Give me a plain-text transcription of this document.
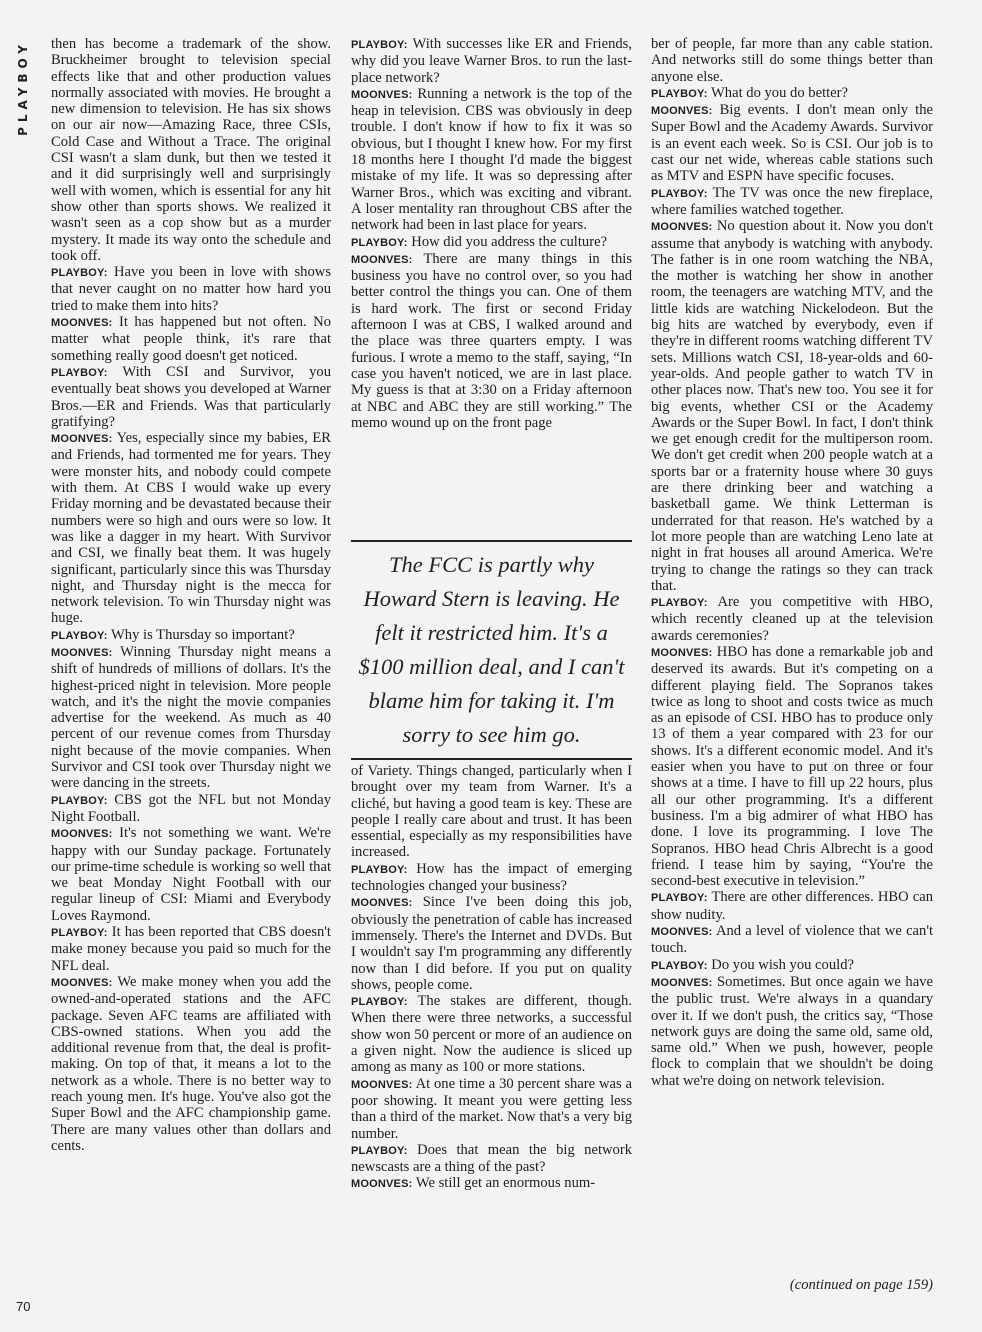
PLAYBOY	then has become a trademark of the show. Bruckheimer brought to television special effects like that and other production values normally associated with movies. He brought a new dimension to television. He has six shows on our air now—Amazing Race, three CSIs, Cold Case and Without a Trace. The original CSI wasn't a slam dunk, but then we tested it and it did surprisingly well and surprisingly well with women, which is essential for any hit show other than sports shows. We realized it wasn't seen as a cop show but as a murder mystery. It made its way onto the schedule and took off.

PLAYBOY: Have you been in love with shows that never caught on no matter how hard you tried to make them into hits?

MOONVES: It has happened but not often. No matter what people think, it's rare that something really good doesn't get noticed.

PLAYBOY: With CSI and Survivor, you eventually beat shows you developed at Warner Bros.—ER and Friends. Was that particularly gratifying?

MOONVES: Yes, especially since my babies, ER and Friends, had tormented me for years. They were monster hits, and nobody could compete with them. At CBS I would wake up every Friday morning and be devastated because their numbers were so high and ours were so low. It was like a dagger in my heart. With Survivor and CSI, we finally beat them. It was hugely significant, particularly since this was Thursday night, and Thursday night is the mecca for network television. To win Thursday night was huge.

PLAYBOY: Why is Thursday so important?

MOONVES: Winning Thursday night means a shift of hundreds of millions of dollars. It's the highest-priced night in television. More people watch, and it's the night the movie companies advertise for the weekend. As much as 40 percent of our revenue comes from Thursday night because of the movie companies. When Survivor and CSI took over Thursday night we were dancing in the streets.

PLAYBOY: CBS got the NFL but not Monday Night Football.

MOONVES: It's not something we want. We're happy with our Sunday package. Fortunately our prime-time schedule is working so well that we beat Monday Night Football with our regular lineup of CSI: Miami and Everybody Loves Raymond.

PLAYBOY: It has been reported that CBS doesn't make money because you paid so much for the NFL deal.

MOONVES: We make money when you add the owned-and-operated stations and the AFC package. Seven AFC teams are affiliated with CBS-owned stations. When you add the additional revenue from that, the deal is profit-making. On top of that, it means a lot to the network as a whole. There is no better way to reach young men. It's huge. You've also got the Super Bowl and the AFC championship game. There are many values other than dollars and cents.

PLAYBOY: With successes like ER and Friends, why did you leave Warner Bros. to run the last-place network?

MOONVES: Running a network is the top of the heap in television. CBS was obviously in deep trouble. I don't know if how to fix it was so obvious, but I thought I knew how. For my first 18 months here I thought I'd made the biggest mistake of my life. It was so depressing after Warner Bros., which was exciting and vibrant. A loser mentality ran throughout CBS after the network had been in last place for years.

PLAYBOY: How did you address the culture?

MOONVES: There are many things in this business you have no control over, so you had better control the things you can. One of them is hard work. The first or second Friday afternoon I was at CBS, I walked around and the place was three quarters empty. I was furious. I wrote a memo to the staff, saying, “In case you haven't noticed, we are in last place. My guess is that at 3:30 on a Friday afternoon at NBC and ABC they are still working.” The memo wound up on the front page

The FCC is partly why Howard Stern is leaving. He felt it restricted him. It's a $100 million deal, and I can't blame him for taking it. I'm sorry to see him go.

of Variety. Things changed, particularly when I brought over my team from Warner. It's a cliché, but having a good team is key. These are people I really care about and trust. It has been essential, especially as my responsibilities have increased.

PLAYBOY: How has the impact of emerging technologies changed your business?

MOONVES: Since I've been doing this job, obviously the penetration of cable has increased immensely. There's the Internet and DVDs. But I wouldn't say I'm programming any differently now than I did before. If you put on quality shows, people come.

PLAYBOY: The stakes are different, though. When there were three networks, a successful show won 50 percent or more of an audience on a given night. Now the audience is sliced up among as many as 100 or more stations.

MOONVES: At one time a 30 percent share was a poor showing. It meant you were getting less than a third of the market. Now that's a very big number.

PLAYBOY: Does that mean the big network newscasts are a thing of the past?

MOONVES: We still get an enormous num-

ber of people, far more than any cable station. And networks still do some things better than anyone else.

PLAYBOY: What do you do better?

MOONVES: Big events. I don't mean only the Super Bowl and the Academy Awards. Survivor is an event each week. So is CSI. Our job is to cast our net wide, whereas cable stations such as MTV and ESPN have specific focuses.

PLAYBOY: The TV was once the new fireplace, where families watched together.

MOONVES: No question about it. Now you don't assume that anybody is watching with anybody. The father is in one room watching the NBA, the mother is watching her show in another room, the teenagers are watching MTV, and the little kids are watching Nickelodeon. But the big hits are watched by everybody, even if they're in different rooms watching different TV sets. Millions watch CSI, 18-year-olds and 60-year-olds. And people gather to watch TV in other places now. That's new too. You see it for big events, whether CSI or the Academy Awards or the Super Bowl. In fact, I don't think we get enough credit for the multiperson room. We don't get credit when 200 people watch at a sports bar or a fraternity house where 30 guys are there drinking beer and watching a basketball game. We think Letterman is underrated for that reason. He's watched by a lot more people than are watching Leno late at night in frat houses all around America. We're trying to change the ratings so they can track that.

PLAYBOY: Are you competitive with HBO, which recently cleaned up at the television awards ceremonies?

MOONVES: HBO has done a remarkable job and deserved its awards. But it's competing on a different playing field. The Sopranos takes twice as long to shoot and costs twice as much as an episode of CSI. HBO has to produce only 13 of them a year compared with 23 for our shows. It's a different economic model. And it's easier when you have to put on three or four shows at a time. I have to fill up 22 hours, plus all our other programming. It's a different business. I'm a big admirer of what HBO has done. I love its programming. I love The Sopranos. HBO head Chris Albrecht is a good friend. I tease him by saying, “You're the second-best executive in television.”

PLAYBOY: There are other differences. HBO can show nudity.

MOONVES: And a level of violence that we can't touch.

PLAYBOY: Do you wish you could?

MOONVES: Sometimes. But once again we have the public trust. We're always in a quandary over it. If we don't push, the critics say, “Those network guys are doing the same old, same old, same old.” When we push, however, people flock to complain that we shouldn't be doing what we're doing on network television.

(continued on page 159)
70
